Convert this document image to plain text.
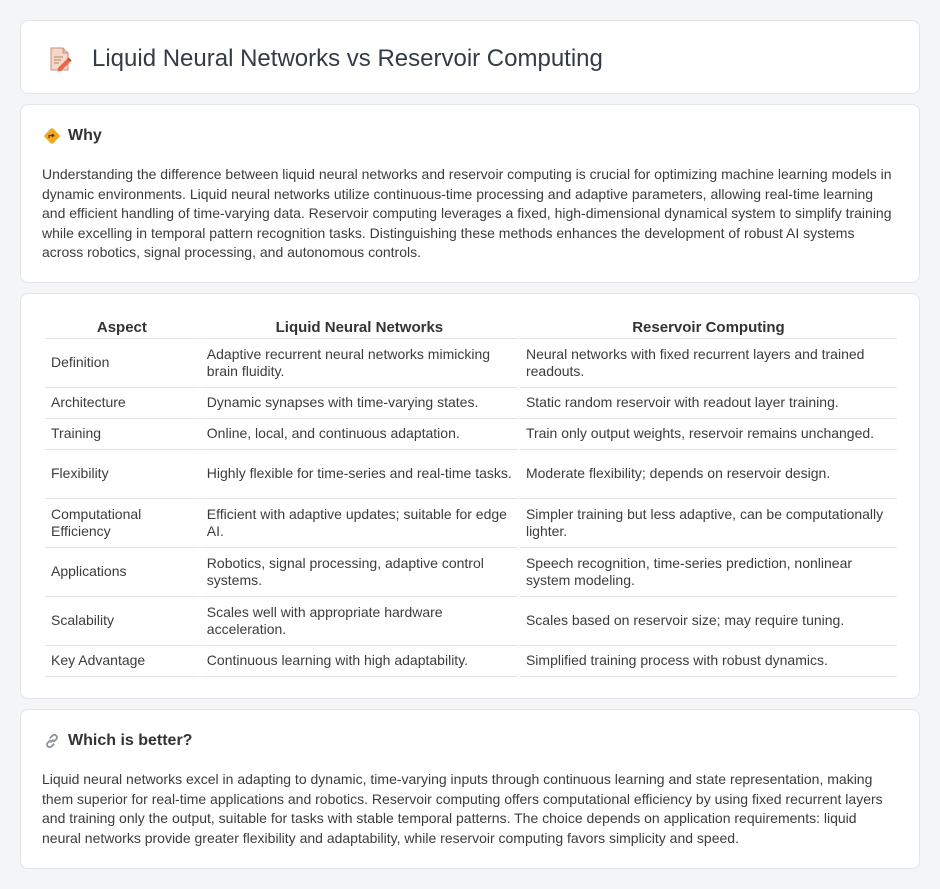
Liquid Neural Networks vs Reservoir Computing
Why

Understanding the difference between liquid neural networks and reservoir computing is crucial for optimizing machine learning models in dynamic environments. Liquid neural networks utilize continuous-time processing and adaptive parameters, allowing real-time learning and efficient handling of time-varying data. Reservoir computing leverages a fixed, high-dimensional dynamical system to simplify training while excelling in temporal pattern recognition tasks. Distinguishing these methods enhances the development of robust AI systems across robotics, signal processing, and autonomous controls.

Aspect	Liquid Neural Networks	Reservoir Computing
Definition	Adaptive recurrent neural networks mimicking brain fluidity.	Neural networks with fixed recurrent layers and trained readouts.
Architecture	Dynamic synapses with time-varying states.	Static random reservoir with readout layer training.
Training	Online, local, and continuous adaptation.	Train only output weights, reservoir remains unchanged.
Flexibility	Highly flexible for time-series and real-time tasks.	Moderate flexibility; depends on reservoir design.
Computational Efficiency	Efficient with adaptive updates; suitable for edge AI.	Simpler training but less adaptive, can be computationally lighter.
Applications	Robotics, signal processing, adaptive control systems.	Speech recognition, time-series prediction, nonlinear system modeling.
Scalability	Scales well with appropriate hardware acceleration.	Scales based on reservoir size; may require tuning.
Key Advantage	Continuous learning with high adaptability.	Simplified training process with robust dynamics.
Which is better?

Liquid neural networks excel in adapting to dynamic, time-varying inputs through continuous learning and state representation, making them superior for real-time applications and robotics. Reservoir computing offers computational efficiency by using fixed recurrent layers and training only the output, suitable for tasks with stable temporal patterns. The choice depends on application requirements: liquid neural networks provide greater flexibility and adaptability, while reservoir computing favors simplicity and speed.
